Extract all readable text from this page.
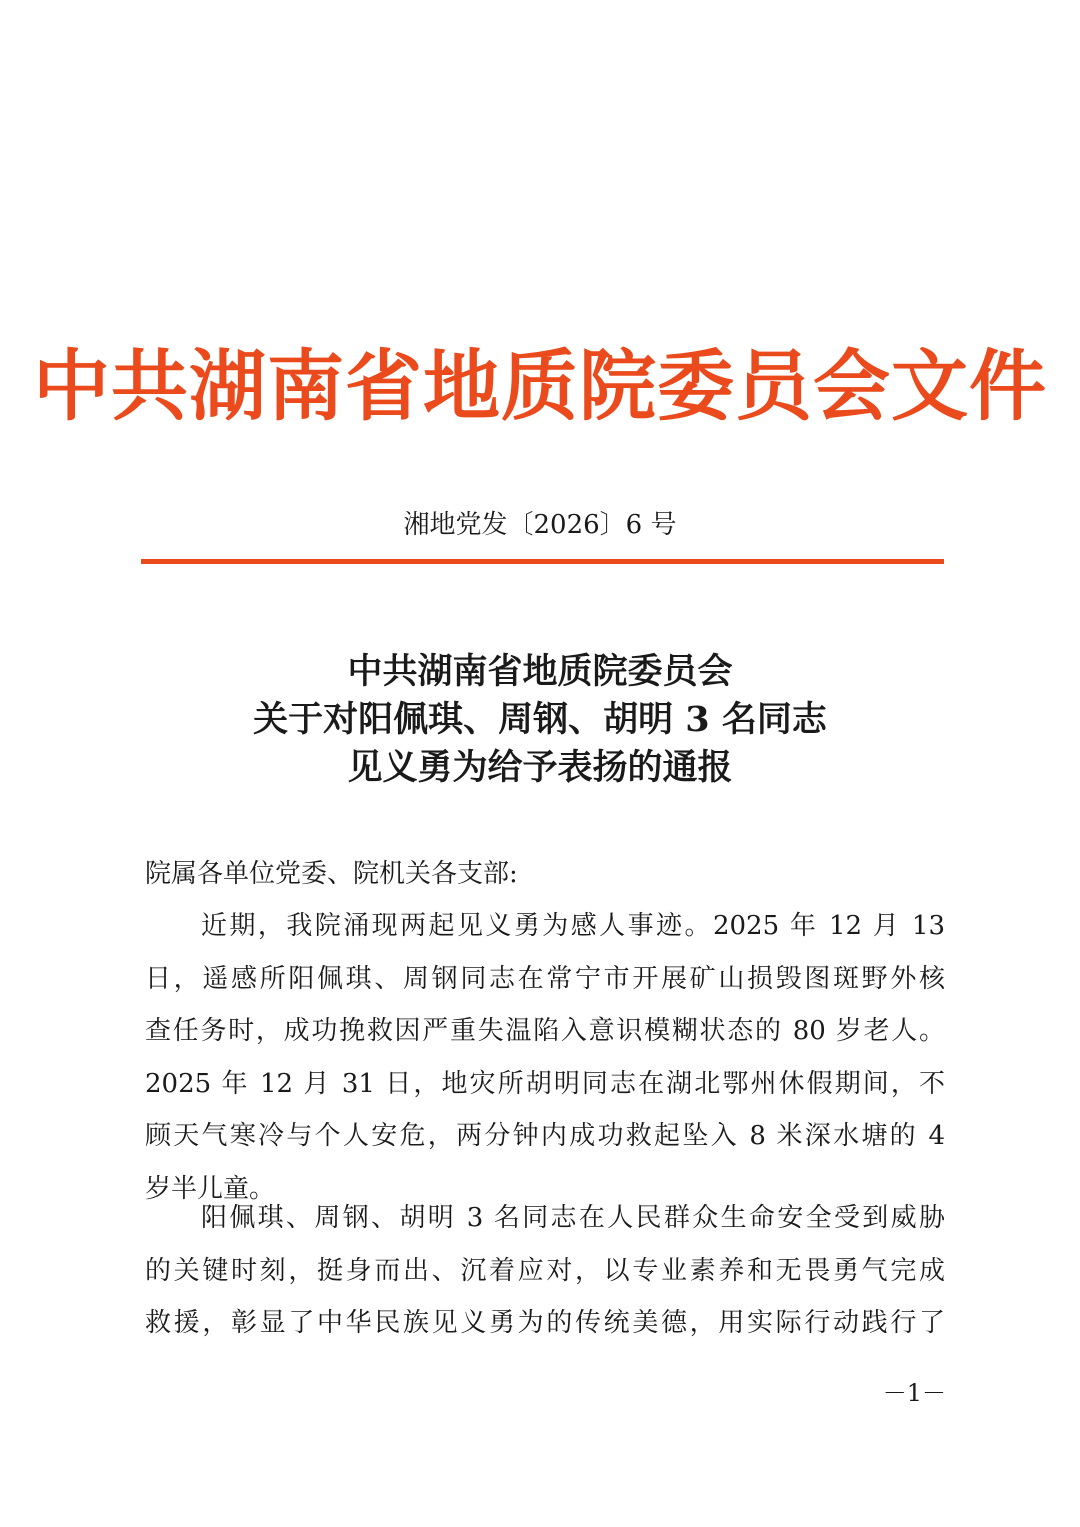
中共湖南省地质院委员会文件
湘地党发〔2026〕6 号
中共湖南省地质院委员会
关于对阳佩琪、周钢、胡明 3 名同志
见义勇为给予表扬的通报
院属各单位党委、院机关各支部:
近期，我院涌现两起见义勇为感人事迹。2025 年 12 月 13
日，遥感所阳佩琪、周钢同志在常宁市开展矿山损毁图斑野外核
查任务时，成功挽救因严重失温陷入意识模糊状态的 80 岁老人。
2025 年 12 月 31 日，地灾所胡明同志在湖北鄂州休假期间，不
顾天气寒冷与个人安危，两分钟内成功救起坠入 8 米深水塘的 4
岁半儿童。
阳佩琪、周钢、胡明 3 名同志在人民群众生命安全受到威胁
的关键时刻，挺身而出、沉着应对，以专业素养和无畏勇气完成
救援，彰显了中华民族见义勇为的传统美德，用实际行动践行了
－1－
